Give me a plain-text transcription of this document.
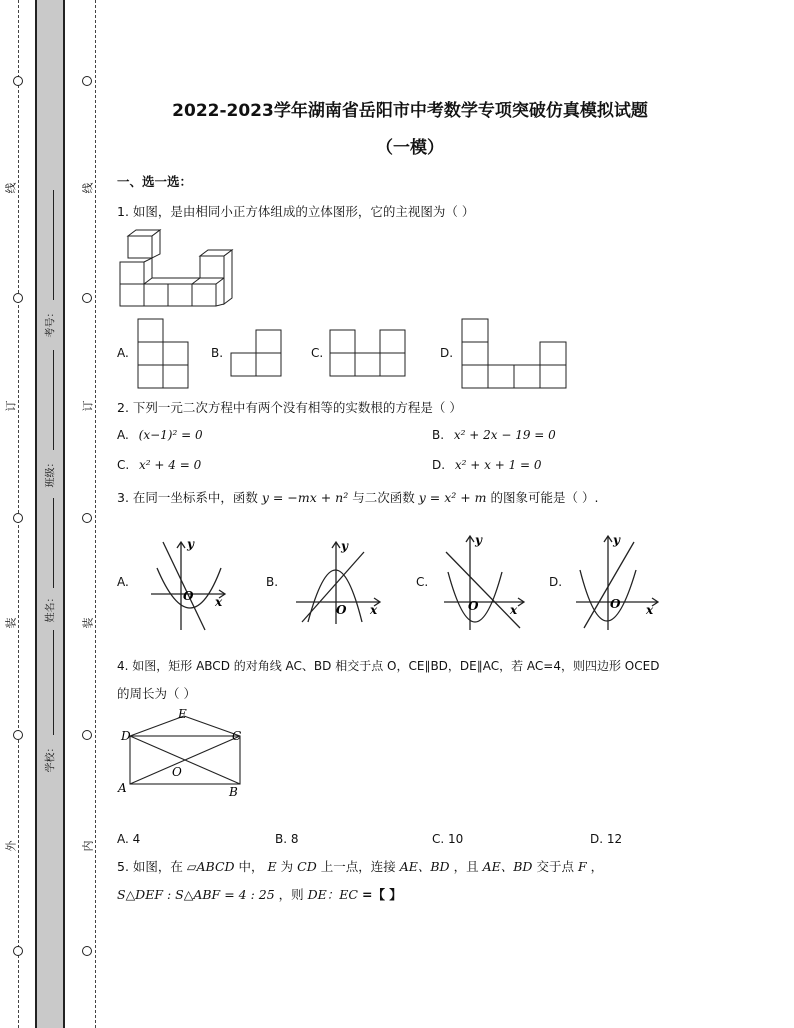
线
订
装
外
线
订
装
内
考号：
班级：
姓名：
学校：
2022-2023学年湖南省岳阳市中考数学专项突破仿真模拟试题
（一模）
一、选一选：
1. 如图，是由相同小正方体组成的立体图形，它的主视图为（ ）
A.	B.	C.	D.
2. 下列一元二次方程中有两个没有相等的实数根的方程是（ ）
A. (x−1)² = 0	B. x² + 2x − 19 = 0
C. x² + 4 = 0	D. x² + x + 1 = 0
3. 在同一坐标系中，函数 y = −mx + n² 与二次函数 y = x² + m 的图象可能是（ ）.
A.
y
x
O
B.
y
x
O
C.
y
x
O
D.
y
x
O
4. 如图，矩形 ABCD 的对角线 AC、BD 相交于点 O，CE∥BD，DE∥AC，若 AC=4，则四边形 OCED
的周长为（ ）
E
D	C
O
A	B
A. 4	B. 8	C. 10	D. 12
5. 如图，在 ▱ABCD 中， E 为 CD 上一点，连接 AE、BD ，且 AE、BD 交于点 F ，
S△DEF : S△ABF = 4 : 25 ，则 DE：EC =【 】
